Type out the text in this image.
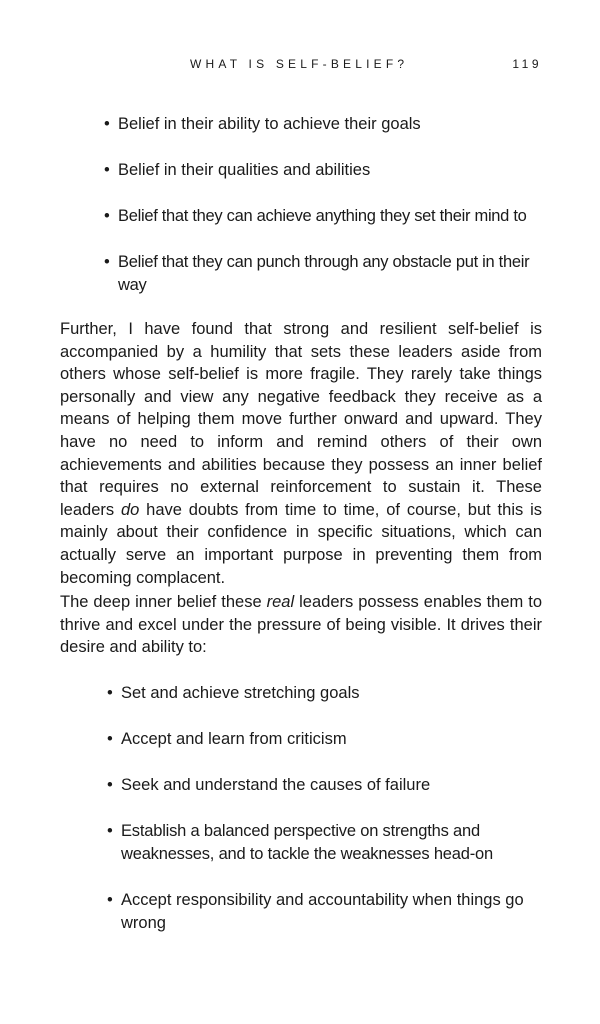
WHAT IS SELF-BELIEF?	119
• Belief in their ability to achieve their goals
• Belief in their qualities and abilities
• Belief that they can achieve anything they set their mind to
• Belief that they can punch through any obstacle put in their way

Further, I have found that strong and resilient self-belief is accompanied by a humility that sets these leaders aside from others whose self-belief is more fragile. They rarely take things personally and view any negative feedback they receive as a means of helping them move further onward and upward. They have no need to inform and remind others of their own achievements and abilities because they possess an inner belief that requires no external reinforcement to sustain it. These leaders do have doubts from time to time, of course, but this is mainly about their confidence in specific situations, which can actually serve an important purpose in preventing them from becoming complacent.

The deep inner belief these real leaders possess enables them to thrive and excel under the pressure of being visible. It drives their desire and ability to:

• Set and achieve stretching goals
• Accept and learn from criticism
• Seek and understand the causes of failure
• Establish a balanced perspective on strengths and weaknesses, and to tackle the weaknesses head-on
• Accept responsibility and accountability when things go wrong
